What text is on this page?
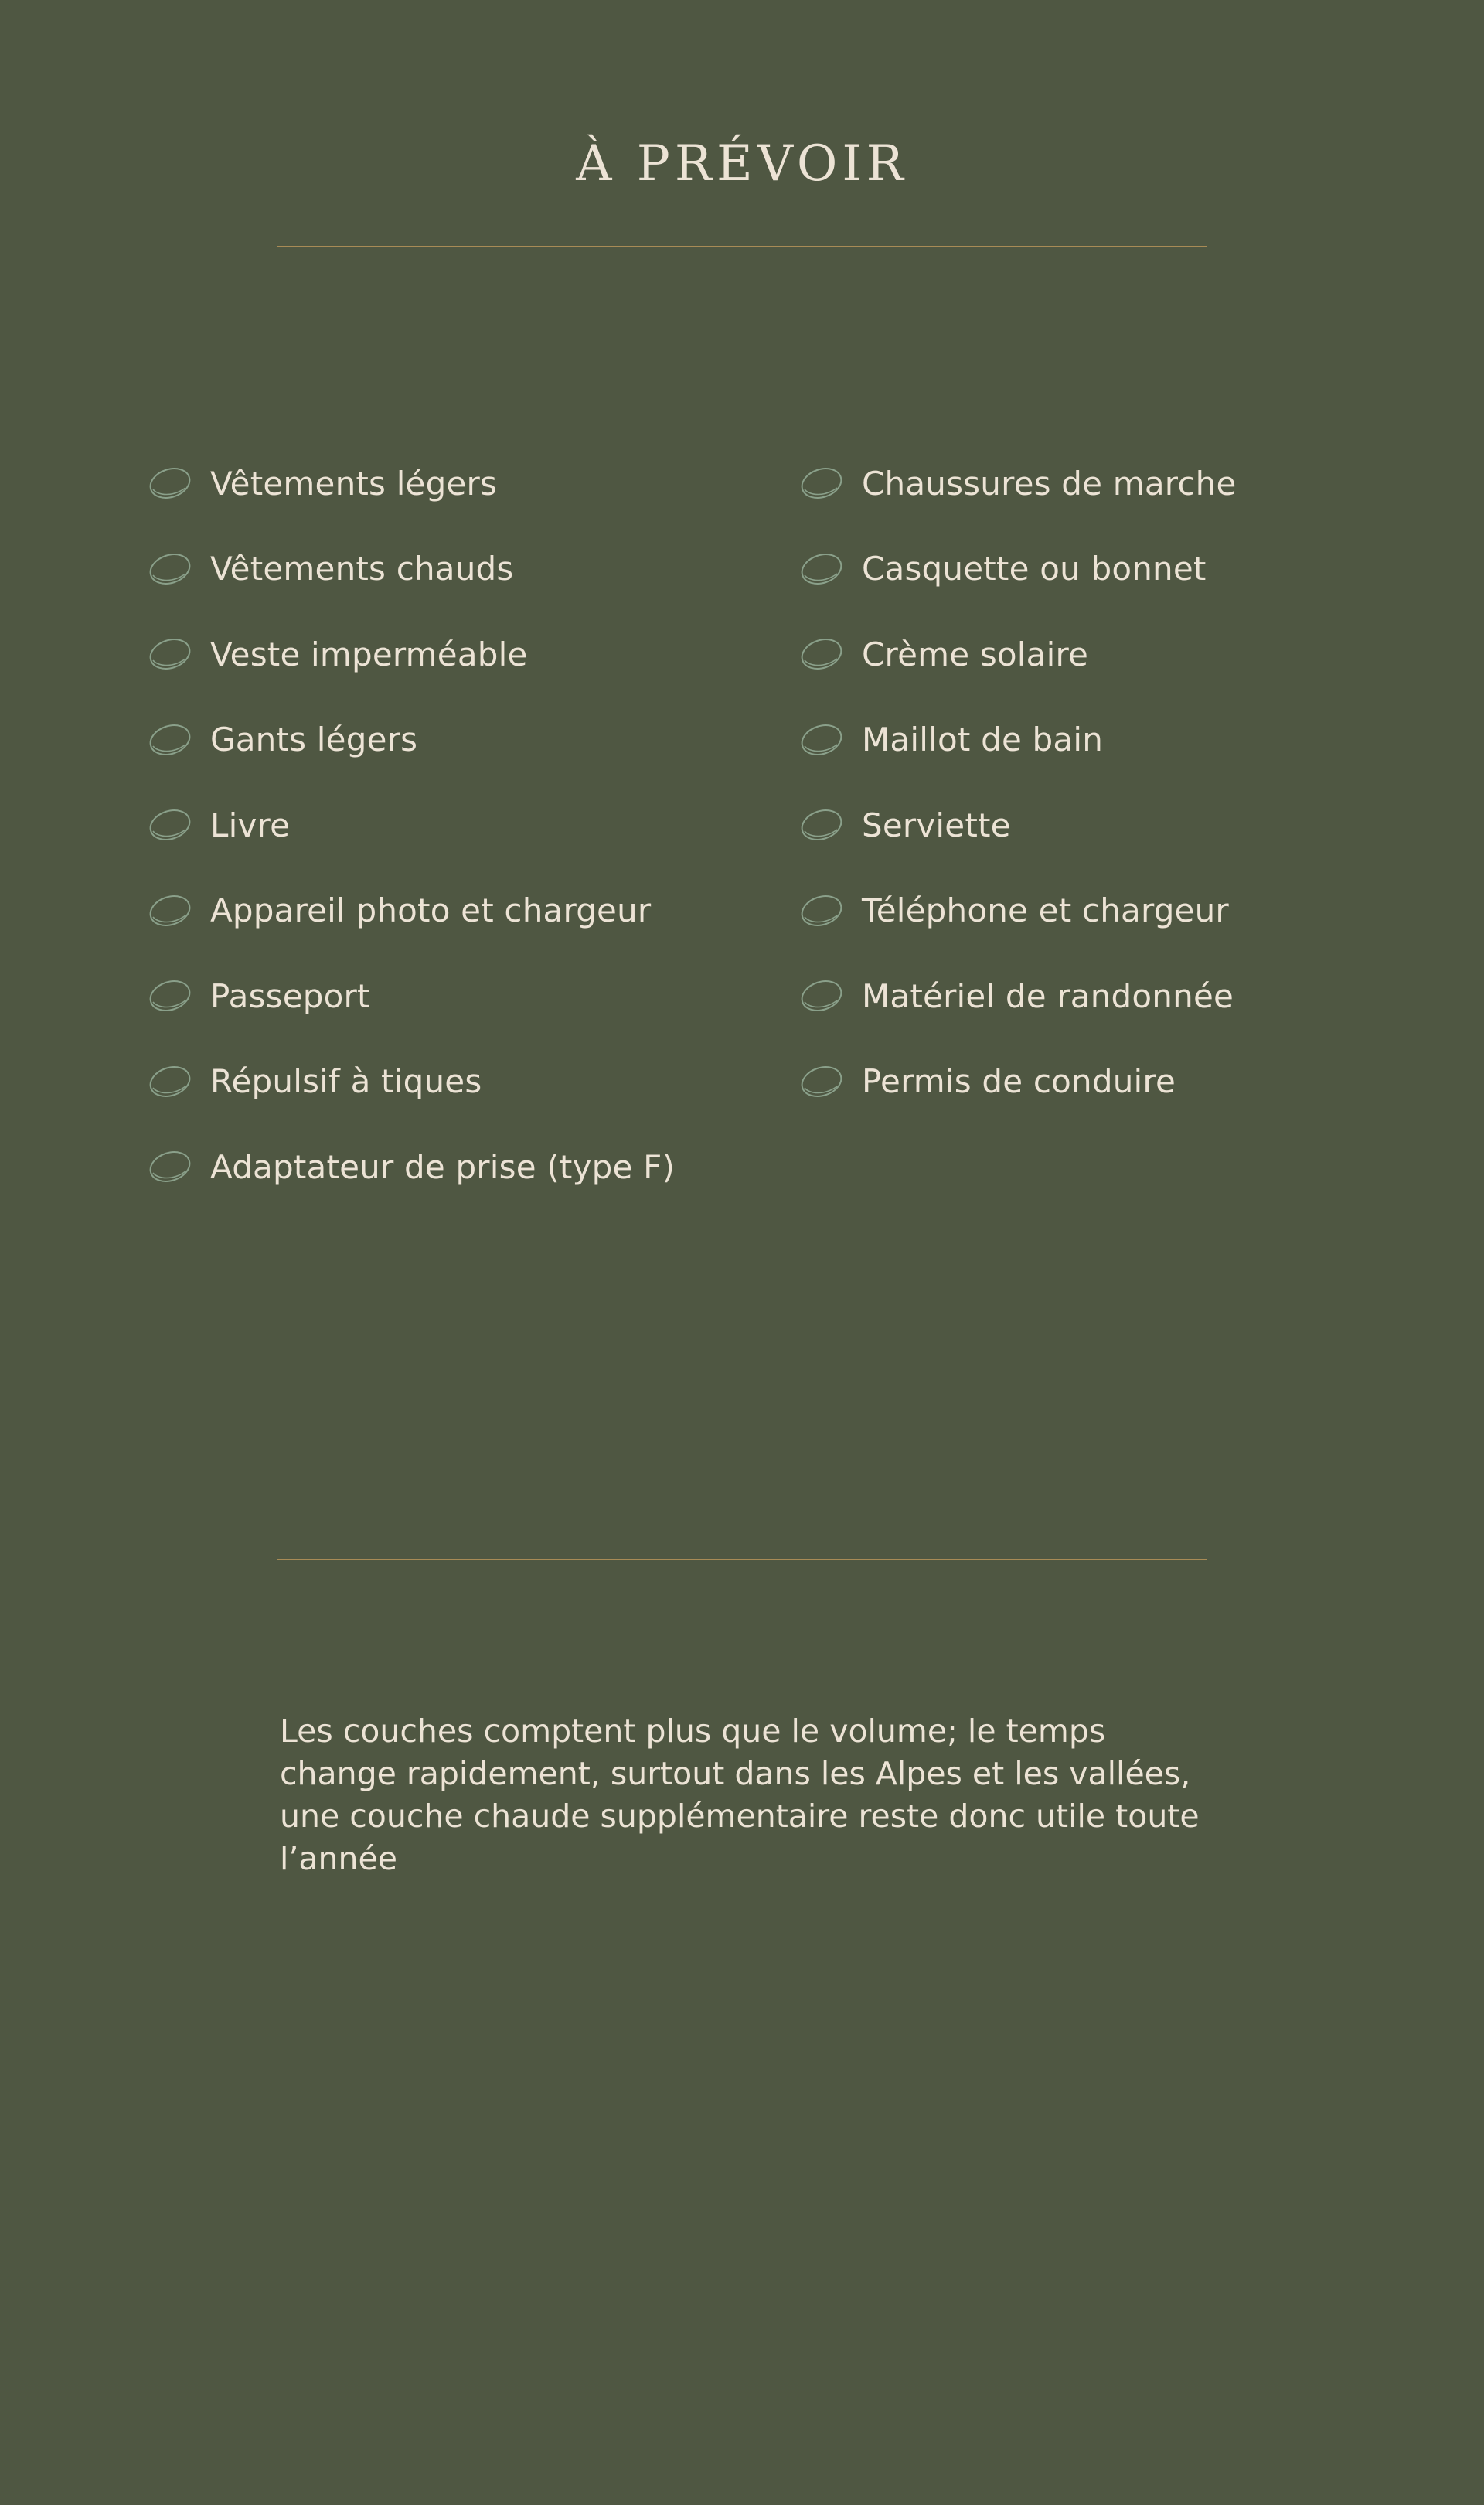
À PRÉVOIR
Vêtements légers
Vêtements chauds
Veste imperméable
Gants légers
Livre
Appareil photo et chargeur
Passeport
Répulsif à tiques
Adaptateur de prise (type F)
Chaussures de marche
Casquette ou bonnet
Crème solaire
Maillot de bain
Serviette
Téléphone et chargeur
Matériel de randonnée
Permis de conduire

Les couches comptent plus que le volume; le temps change rapidement, surtout dans les Alpes et les vallées, une couche chaude supplémentaire reste donc utile toute l’année
